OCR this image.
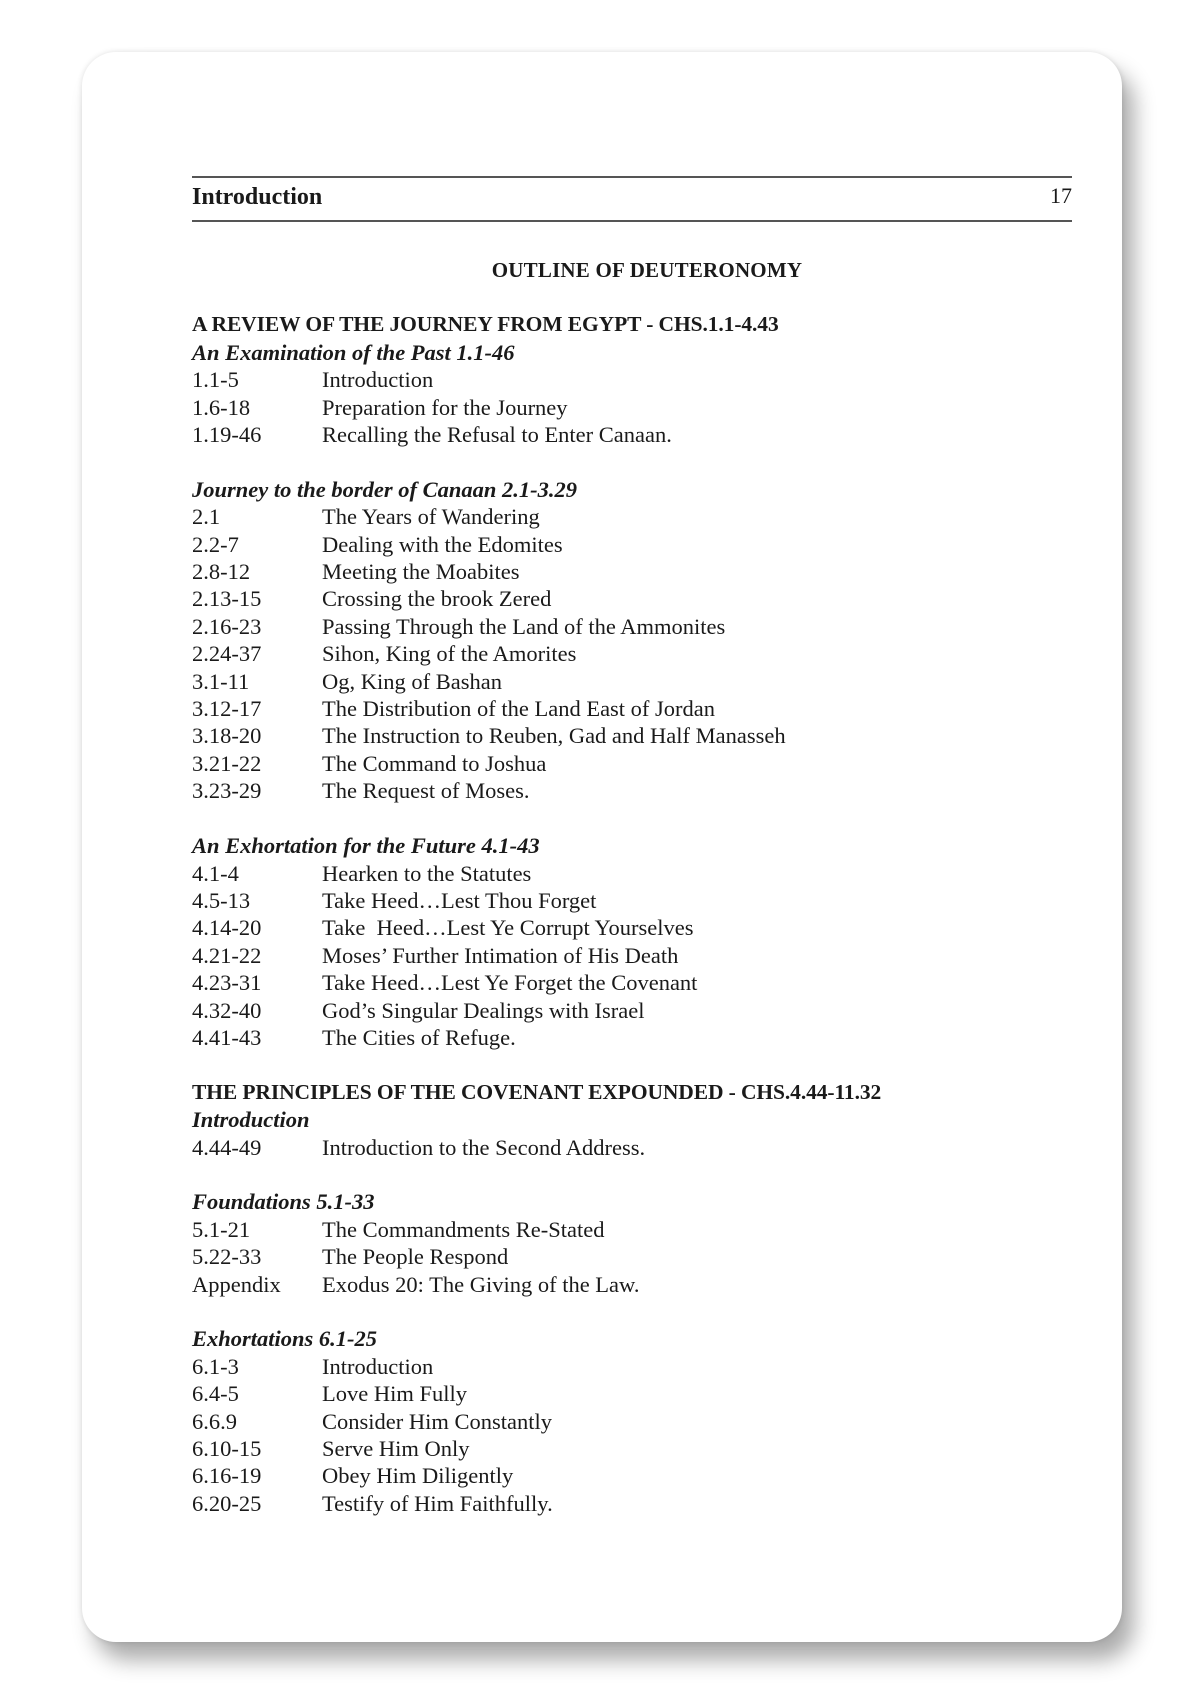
Introduction	17

OUTLINE OF DEUTERONOMY

A REVIEW OF THE JOURNEY FROM EGYPT - CHS.1.1-4.43

An Examination of the Past 1.1-46

1.1-5	Introduction
1.6-18	Preparation for the Journey
1.19-46	Recalling the Refusal to Enter Canaan.

Journey to the border of Canaan 2.1-3.29

2.1	The Years of Wandering
2.2-7	Dealing with the Edomites
2.8-12	Meeting the Moabites
2.13-15	Crossing the brook Zered
2.16-23	Passing Through the Land of the Ammonites
2.24-37	Sihon, King of the Amorites
3.1-11	Og, King of Bashan
3.12-17	The Distribution of the Land East of Jordan
3.18-20	The Instruction to Reuben, Gad and Half Manasseh
3.21-22	The Command to Joshua
3.23-29	The Request of Moses.

An Exhortation for the Future 4.1-43

4.1-4	Hearken to the Statutes
4.5-13	Take Heed…Lest Thou Forget
4.14-20	Take  Heed…Lest Ye Corrupt Yourselves
4.21-22	Moses’ Further Intimation of His Death
4.23-31	Take Heed…Lest Ye Forget the Covenant
4.32-40	God’s Singular Dealings with Israel
4.41-43	The Cities of Refuge.

THE PRINCIPLES OF THE COVENANT EXPOUNDED - CHS.4.44-11.32

Introduction

4.44-49	Introduction to the Second Address.

Foundations 5.1-33

5.1-21	The Commandments Re-Stated
5.22-33	The People Respond
Appendix	Exodus 20: The Giving of the Law.

Exhortations 6.1-25

6.1-3	Introduction
6.4-5	Love Him Fully
6.6.9	Consider Him Constantly
6.10-15	Serve Him Only
6.16-19	Obey Him Diligently
6.20-25	Testify of Him Faithfully.
